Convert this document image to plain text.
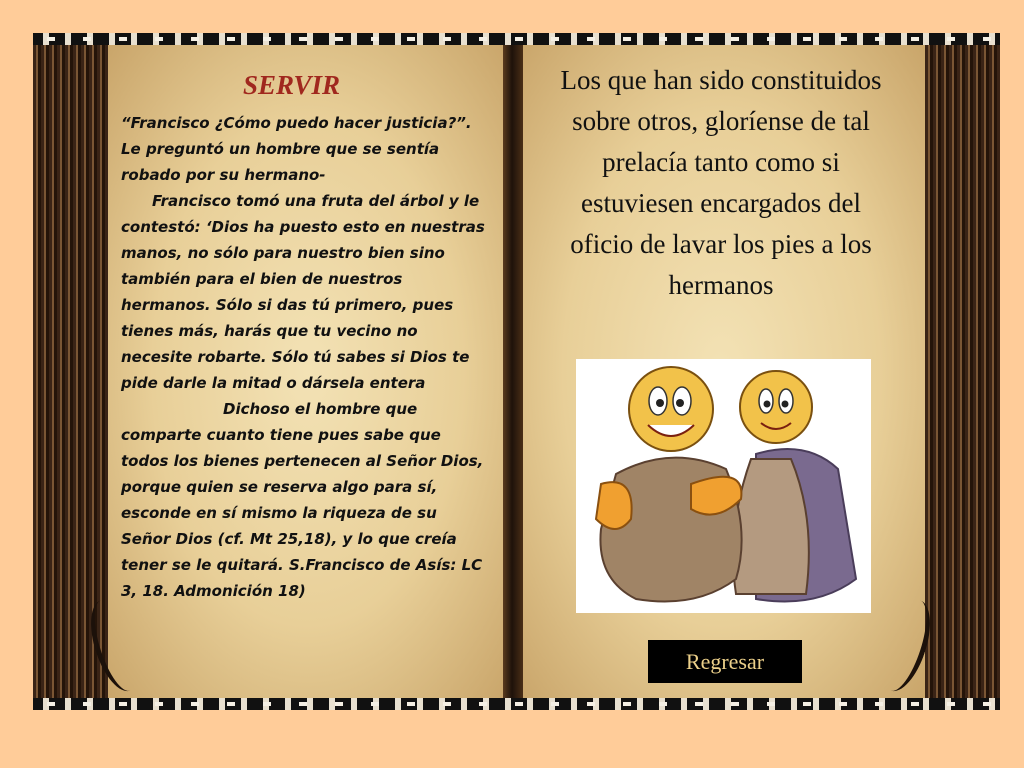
SERVIR

“Francisco ¿Cómo puedo hacer justicia?”. Le preguntó un hombre que se sentía robado por su hermano-

Francisco tomó una fruta del árbol y le contestó: ‘Dios ha puesto esto en nuestras manos, no sólo para nuestro bien sino también para el bien de nuestros hermanos. Sólo si das tú primero, pues tienes más, harás que tu vecino no necesite robarte. Sólo tú sabes si Dios te pide darle la mitad o dársela entera

Dichoso el hombre que comparte cuanto tiene pues sabe que todos los bienes pertenecen al Señor Dios, porque quien se reserva algo para sí, esconde en sí mismo la riqueza de su Señor Dios (cf. Mt 25,18), y lo que creía tener se le quitará. S.Francisco de Asís: LC 3, 18. Admonición 18)

Los que han sido constituidos sobre otros, gloríense de tal prelacía tanto como si estuviesen encargados del oficio de lavar los pies a los hermanos
Regresar
